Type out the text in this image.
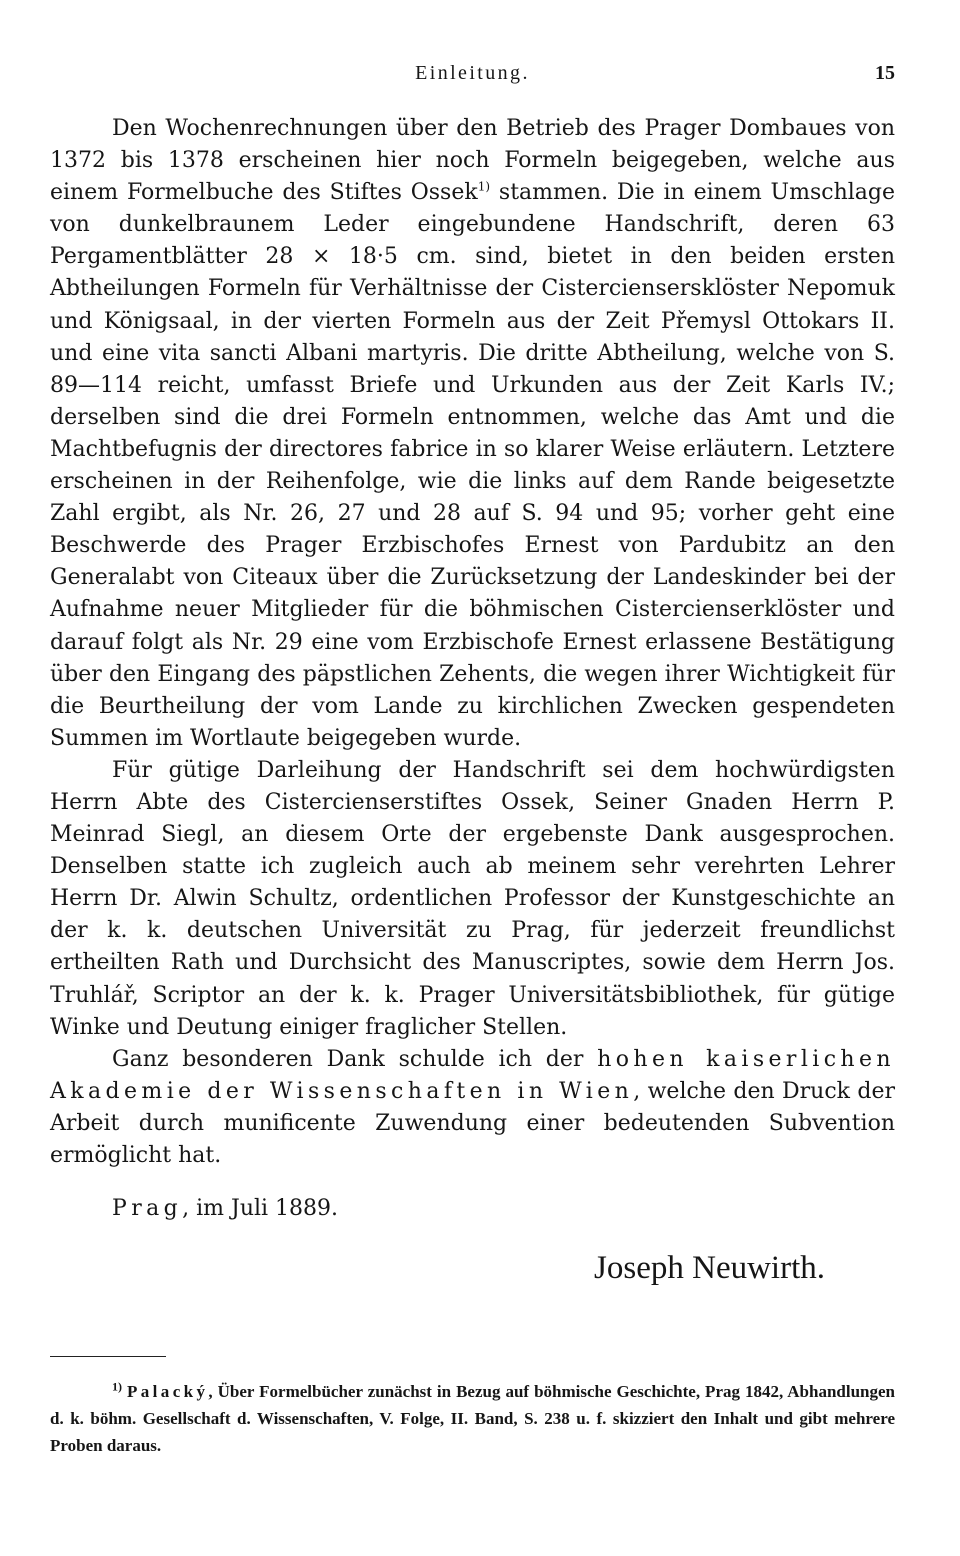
Einleitung.	15

Den Wochenrechnungen über den Betrieb des Prager Dombaues von 1372 bis 1378 erscheinen hier noch Formeln beigegeben, welche aus einem Formelbuche des Stiftes Ossek$^{1)}$ stammen. Die in einem Umschlage von dunkelbraunem Leder eingebundene Handschrift, deren 63 Pergamentblätter 28 × 18·5 cm. sind, bietet in den beiden ersten Abtheilungen Formeln für Verhältnisse der Cisterciensersklöster Nepomuk und Königsaal, in der vierten Formeln aus der Zeit Přemysl Ottokars II. und eine vita sancti Albani martyris. Die dritte Abtheilung, welche von S. 89—114 reicht, umfasst Briefe und Urkunden aus der Zeit Karls IV.; derselben sind die drei Formeln entnommen, welche das Amt und die Machtbefugnis der directores fabrice in so klarer Weise erläutern. Letztere erscheinen in der Reihenfolge, wie die links auf dem Rande beigesetzte Zahl ergibt, als Nr. 26, 27 und 28 auf S. 94 und 95; vorher geht eine Beschwerde des Prager Erzbischofes Ernest von Pardubitz an den Generalabt von Citeaux über die Zurücksetzung der Landeskinder bei der Aufnahme neuer Mitglieder für die böhmischen Cistercienserklöster und darauf folgt als Nr. 29 eine vom Erzbischofe Ernest erlassene Bestätigung über den Eingang des päpstlichen Zehents, die wegen ihrer Wichtigkeit für die Beurtheilung der vom Lande zu kirchlichen Zwecken gespendeten Summen im Wortlaute beigegeben wurde.

Für gütige Darleihung der Handschrift sei dem hochwürdigsten Herrn Abte des Cistercienserstiftes Ossek, Seiner Gnaden Herrn P. Meinrad Siegl, an diesem Orte der ergebenste Dank ausgesprochen. Denselben statte ich zugleich auch ab meinem sehr verehrten Lehrer Herrn Dr. Alwin Schultz, ordentlichen Professor der Kunstgeschichte an der k. k. deutschen Universität zu Prag, für jederzeit freundlichst ertheilten Rath und Durchsicht des Manuscriptes, sowie dem Herrn Jos. Truhlář, Scriptor an der k. k. Prager Universitätsbibliothek, für gütige Winke und Deutung einiger fraglicher Stellen.

Ganz besonderen Dank schulde ich der hohen kaiserlichen Akademie der Wissenschaften in Wien, welche den Druck der Arbeit durch munificente Zuwendung einer bedeutenden Subvention ermöglicht hat.

Prag, im Juli 1889.
Joseph Neuwirth.

$^{1)}$ Palacký, Über Formelbücher zunächst in Bezug auf böhmische Geschichte, Prag 1842, Abhandlungen d. k. böhm. Gesellschaft d. Wissenschaften, V. Folge, II. Band, S. 238 u. f. skizziert den Inhalt und gibt mehrere Proben daraus.
